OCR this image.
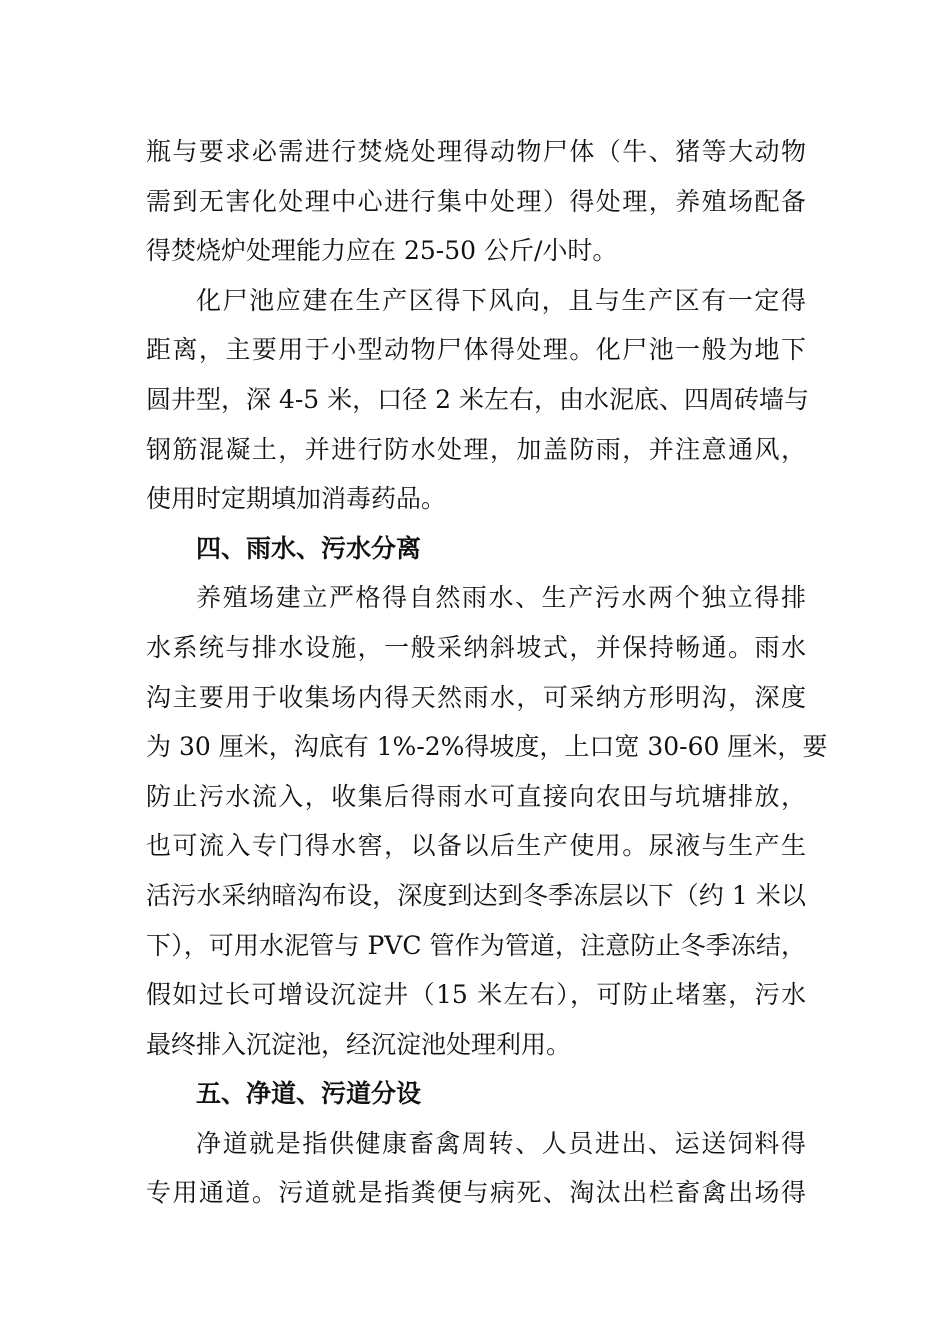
瓶与要求必需进行焚烧处理得动物尸体（牛、猪等大动物
需到无害化处理中心进行集中处理）得处理，养殖场配备
得焚烧炉处理能力应在 25-50 公斤/小时。
化尸池应建在生产区得下风向，且与生产区有一定得
距离，主要用于小型动物尸体得处理。化尸池一般为地下
圆井型，深 4-5 米，口径 2 米左右，由水泥底、四周砖墙与
钢筋混凝土，并进行防水处理，加盖防雨，并注意通风，
使用时定期填加消毒药品。
四、雨水、污水分离
养殖场建立严格得自然雨水、生产污水两个独立得排
水系统与排水设施，一般采纳斜坡式，并保持畅通。雨水
沟主要用于收集场内得天然雨水，可采纳方形明沟，深度
为 30 厘米，沟底有 1%-2%得坡度，上口宽 30-60 厘米，要
防止污水流入，收集后得雨水可直接向农田与坑塘排放，
也可流入专门得水窖，以备以后生产使用。尿液与生产生
活污水采纳暗沟布设，深度到达到冬季冻层以下（约 1 米以
下），可用水泥管与 PVC 管作为管道，注意防止冬季冻结，
假如过长可增设沉淀井（15 米左右），可防止堵塞，污水
最终排入沉淀池，经沉淀池处理利用。
五、净道、污道分设
净道就是指供健康畜禽周转、人员进出、运送饲料得
专用通道。污道就是指粪便与病死、淘汰出栏畜禽出场得
